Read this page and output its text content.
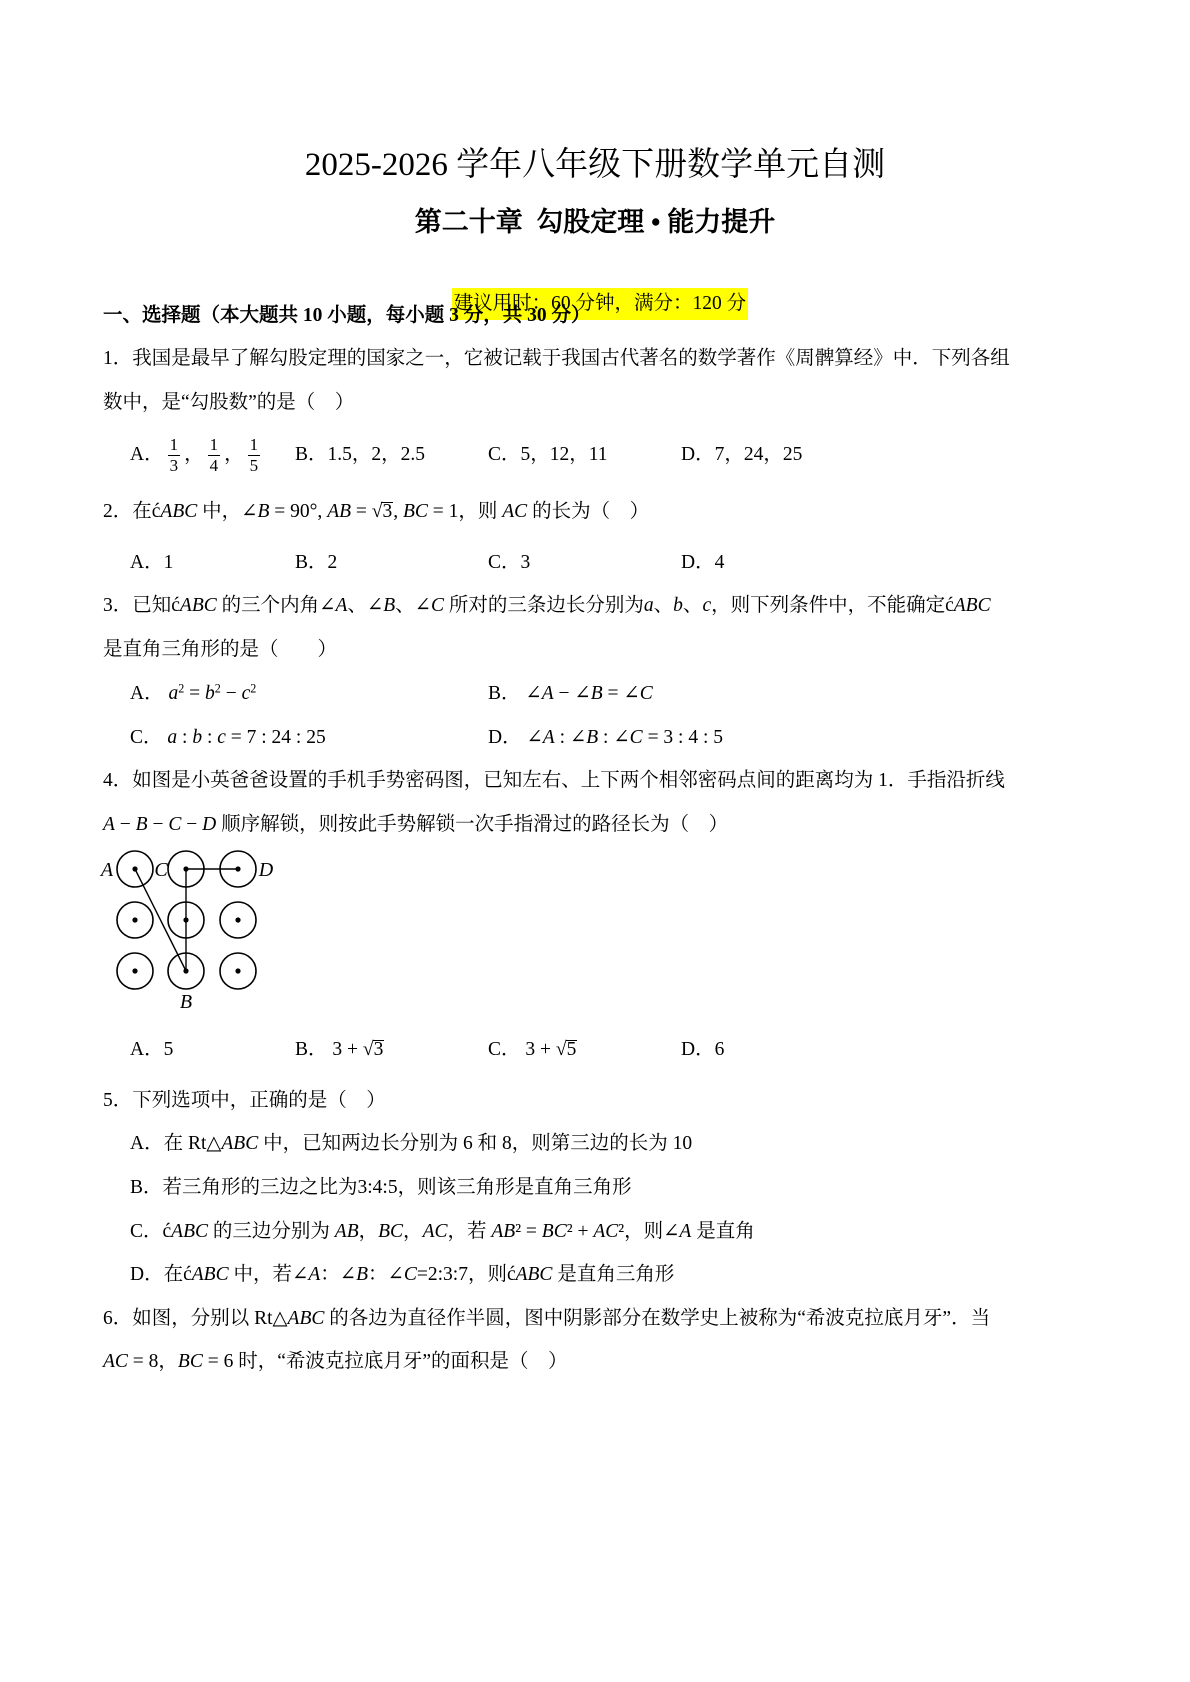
2025-2026 学年八年级下册数学单元自测
第二十章  勾股定理 • 能力提升

建议用时：60 分钟，满分：120 分

一、选择题（本大题共 10 小题，每小题 3 分，共 30 分）
1．我国是最早了解勾股定理的国家之一，它被记载于我国古代著名的数学著作《周髀算经》中．下列各组
数中，是“勾股数”的是（    ）
A． $\frac{1}{3}$ ， $\frac{1}{4}$ ， $\frac{1}{5}$ B．1.5，2，2.5	C．5，12，11	D．7，24，25
2．在ćABC 中，∠B = 90°, AB = √3, BC = 1，则 AC 的长为（    ）
A．1	B．2	C．3	D．4
3．已知ćABC 的三个内角∠A、∠B、∠C 所对的三条边长分别为a、b、c，则下列条件中，不能确定ćABC
是直角三角形的是（        ）
A． $a^2 = b^2 - c^2$	B． ∠A − ∠B = ∠C
C． a : b : c = 7 : 24 : 25	D． ∠A : ∠B : ∠C = 3 : 4 : 5
4．如图是小英爸爸设置的手机手势密码图，已知左右、上下两个相邻密码点间的距离均为 1．手指沿折线
A − B − C − D 顺序解锁，则按此手势解锁一次手指滑过的路径长为（    ）
A C	D
B
A．5	B． 3 + √3	C． 3 + √5	D．6
5．下列选项中，正确的是（    ）
A．在 Rt△ABC 中，已知两边长分别为 6 和 8，则第三边的长为 10
B．若三角形的三边之比为3:4:5，则该三角形是直角三角形
C．ćABC 的三边分别为 AB，BC，AC，若 AB² = BC² + AC²，则∠A 是直角
D．在ćABC 中，若∠A：∠B：∠C=2:3:7，则ćABC 是直角三角形
6．如图，分别以 Rt△ABC 的各边为直径作半圆，图中阴影部分在数学史上被称为“希波克拉底月牙”．当
AC = 8，BC = 6 时，“希波克拉底月牙”的面积是（    ）
